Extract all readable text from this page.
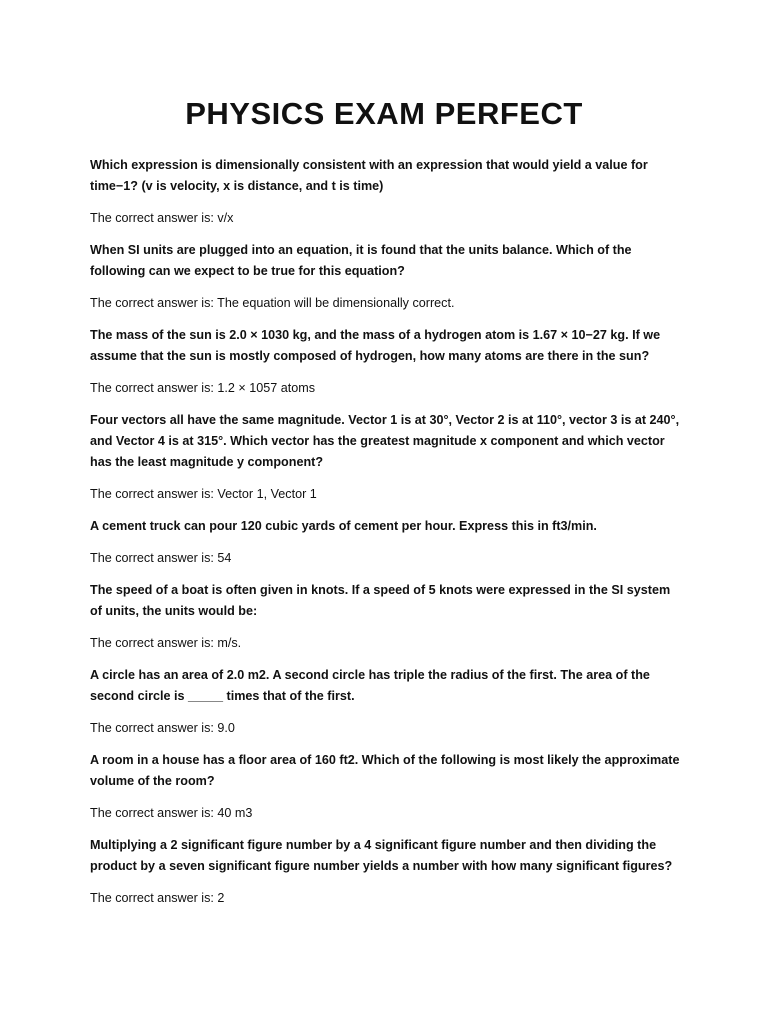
PHYSICS EXAM PERFECT

Which expression is dimensionally consistent with an expression that would yield a value for time−1? (v is velocity, x is distance, and t is time)

The correct answer is: v/x

When SI units are plugged into an equation, it is found that the units balance. Which of the following can we expect to be true for this equation?

The correct answer is: The equation will be dimensionally correct.

The mass of the sun is 2.0 × 1030 kg, and the mass of a hydrogen atom is 1.67 × 10−27 kg. If we assume that the sun is mostly composed of hydrogen, how many atoms are there in the sun?

The correct answer is: 1.2 × 1057 atoms

Four vectors all have the same magnitude. Vector 1 is at 30°, Vector 2 is at 110°, vector 3 is at 240°, and Vector 4 is at 315°. Which vector has the greatest magnitude x component and which vector has the least magnitude y component?

The correct answer is: Vector 1, Vector 1

A cement truck can pour 120 cubic yards of cement per hour. Express this in ft3/min.

The correct answer is: 54

The speed of a boat is often given in knots. If a speed of 5 knots were expressed in the SI system of units, the units would be:

The correct answer is: m/s.

A circle has an area of 2.0 m2. A second circle has triple the radius of the first. The area of the second circle is _____ times that of the first.

The correct answer is: 9.0

A room in a house has a floor area of 160 ft2. Which of the following is most likely the approximate volume of the room?

The correct answer is: 40 m3

Multiplying a 2 significant figure number by a 4 significant figure number and then dividing the product by a seven significant figure number yields a number with how many significant figures?

The correct answer is: 2
